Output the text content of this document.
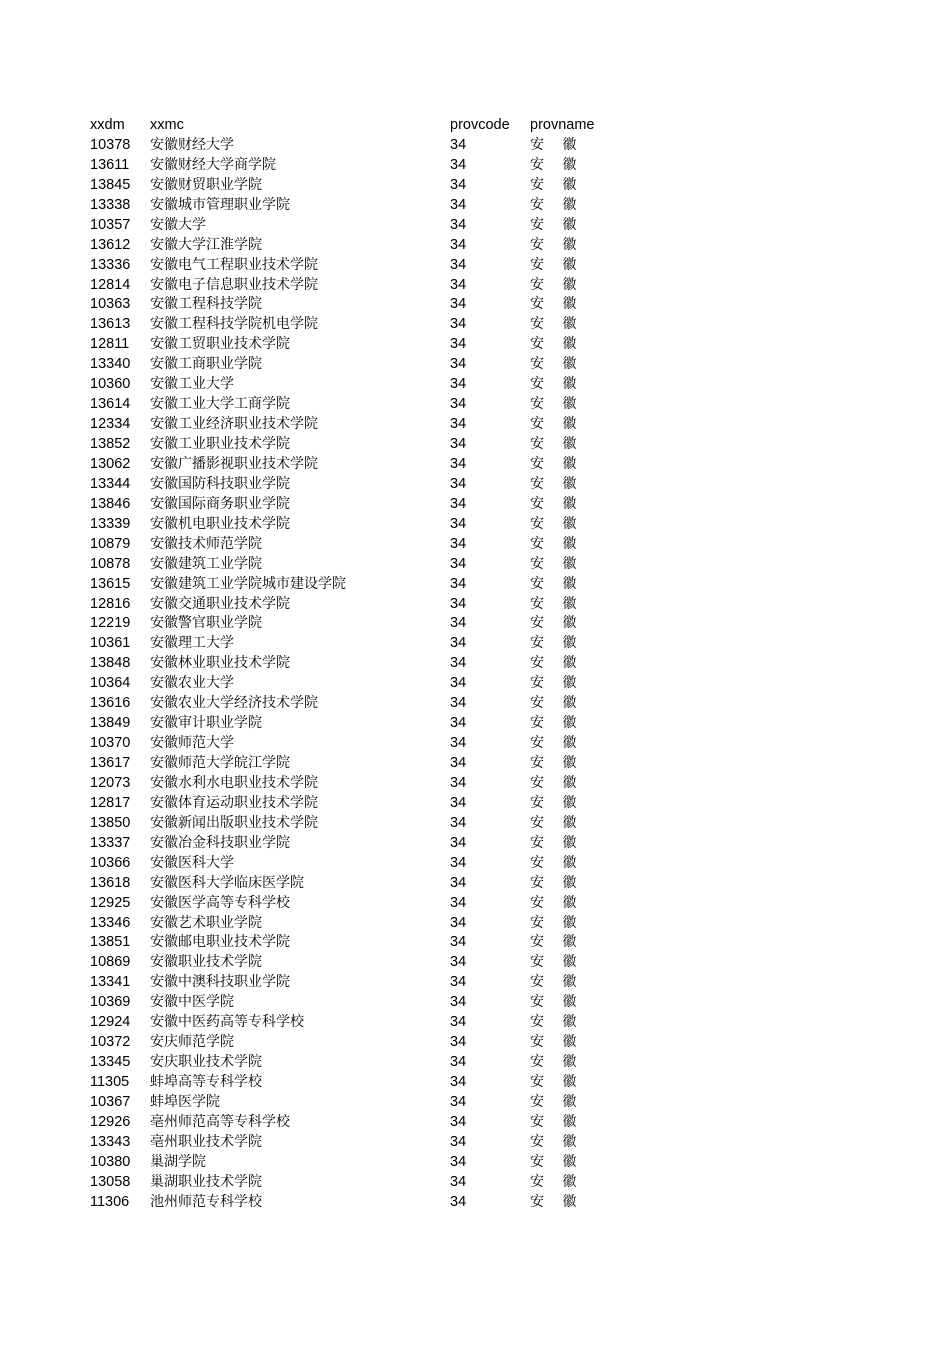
xxdm xxmc	provcode provname
10378 安徽财经大学	34	安 徽
13611 安徽财经大学商学院	34	安 徽
13845 安徽财贸职业学院	34	安 徽
13338 安徽城市管理职业学院	34	安 徽
10357 安徽大学	34	安 徽
13612 安徽大学江淮学院	34	安 徽
13336 安徽电气工程职业技术学院	34	安 徽
12814 安徽电子信息职业技术学院	34	安 徽
10363 安徽工程科技学院	34	安 徽
13613 安徽工程科技学院机电学院	34	安 徽
12811 安徽工贸职业技术学院	34	安 徽
13340 安徽工商职业学院	34	安 徽
10360 安徽工业大学	34	安 徽
13614 安徽工业大学工商学院	34	安 徽
12334 安徽工业经济职业技术学院	34	安 徽
13852 安徽工业职业技术学院	34	安 徽
13062 安徽广播影视职业技术学院	34	安 徽
13344 安徽国防科技职业学院	34	安 徽
13846 安徽国际商务职业学院	34	安 徽
13339 安徽机电职业技术学院	34	安 徽
10879 安徽技术师范学院	34	安 徽
10878 安徽建筑工业学院	34	安 徽
13615 安徽建筑工业学院城市建设学院	34	安 徽
12816 安徽交通职业技术学院	34	安 徽
12219 安徽警官职业学院	34	安 徽
10361 安徽理工大学	34	安 徽
13848 安徽林业职业技术学院	34	安 徽
10364 安徽农业大学	34	安 徽
13616 安徽农业大学经济技术学院	34	安 徽
13849 安徽审计职业学院	34	安 徽
10370 安徽师范大学	34	安 徽
13617 安徽师范大学皖江学院	34	安 徽
12073 安徽水利水电职业技术学院	34	安 徽
12817 安徽体育运动职业技术学院	34	安 徽
13850 安徽新闻出版职业技术学院	34	安 徽
13337 安徽冶金科技职业学院	34	安 徽
10366 安徽医科大学	34	安 徽
13618 安徽医科大学临床医学院	34	安 徽
12925 安徽医学高等专科学校	34	安 徽
13346 安徽艺术职业学院	34	安 徽
13851 安徽邮电职业技术学院	34	安 徽
10869 安徽职业技术学院	34	安 徽
13341 安徽中澳科技职业学院	34	安 徽
10369 安徽中医学院	34	安 徽
12924 安徽中医药高等专科学校	34	安 徽
10372 安庆师范学院	34	安 徽
13345 安庆职业技术学院	34	安 徽
11305 蚌埠高等专科学校	34	安 徽
10367 蚌埠医学院	34	安 徽
12926 亳州师范高等专科学校	34	安 徽
13343 亳州职业技术学院	34	安 徽
10380 巢湖学院	34	安 徽
13058 巢湖职业技术学院	34	安 徽
11306 池州师范专科学校	34	安 徽
